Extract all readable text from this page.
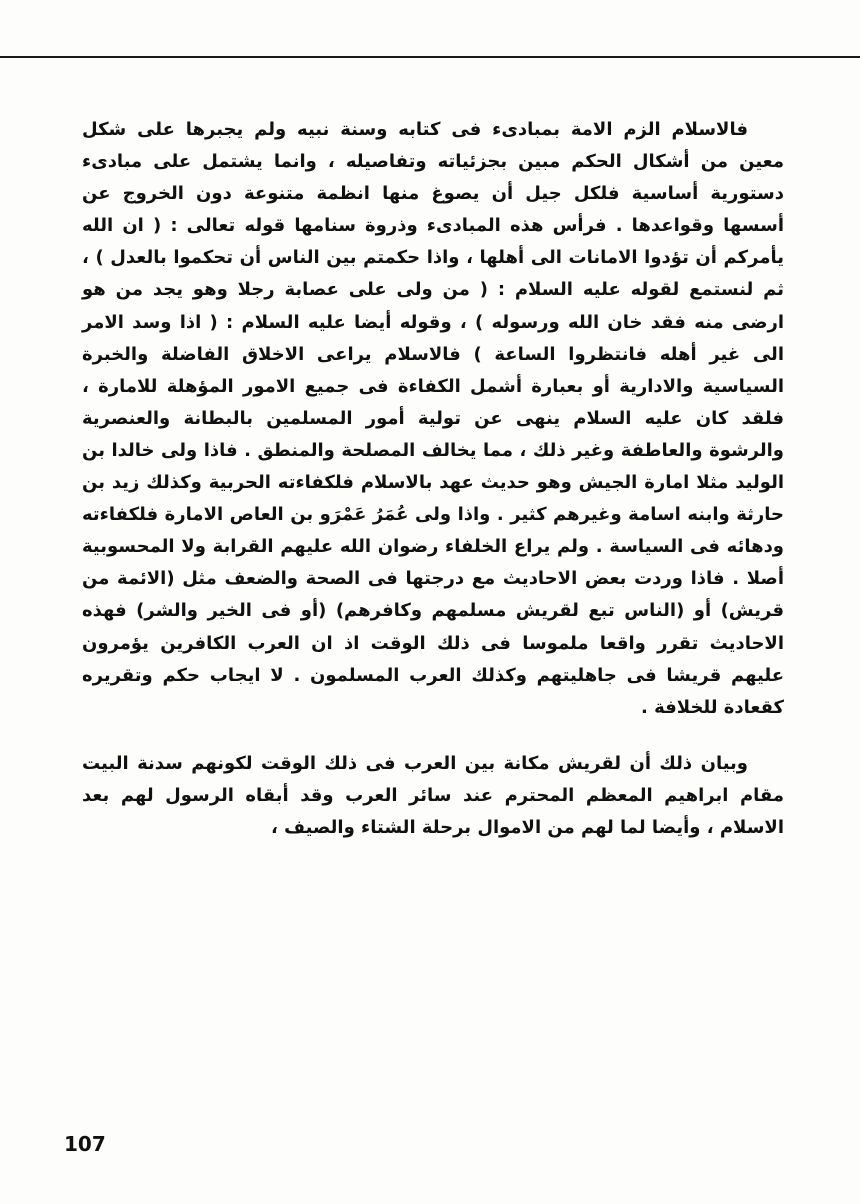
فالاسلام الزم الامة بمبادىء فى كتابه وسنة نبيه ولم يجبرها على شكل معين من أشكال الحكم مبين بجزئياته وتفاصيله ، وانما يشتمل على مبادىء دستورية أساسية فلكل جيل أن يصوغ منها انظمة متنوعة دون الخروج عن أسسها وقواعدها . فرأس هذه المبادىء وذروة سنامها قوله تعالى : ( ان الله يأمركم أن تؤدوا الامانات الى أهلها ، واذا حكمتم بين الناس أن تحكموا بالعدل ) ، ثم لنستمع لقوله عليه السلام : ( من ولى على عصابة رجلا وهو يجد من هو ارضى منه فقد خان الله ورسوله ) ، وقوله أيضا عليه السلام : ( اذا وسد الامر الى غير أهله فانتظروا الساعة ) فالاسلام يراعى الاخلاق الفاضلة والخبرة السياسية والادارية أو بعبارة أشمل الكفاءة فى جميع الامور المؤهلة للامارة ، فلقد كان عليه السلام ينهى عن تولية أمور المسلمين بالبطانة والعنصرية والرشوة والعاطفة وغير ذلك ، مما يخالف المصلحة والمنطق . فاذا ولى خالدا بن الوليد مثلا امارة الجيش وهو حديث عهد بالاسلام فلكفاءته الحربية وكذلك زيد بن حارثة وابنه اسامة وغيرهم كثير . واذا ولى عُمَرُ عَمْرَو بن العاص الامارة فلكفاءته ودهائه فى السياسة . ولم يراع الخلفاء رضوان الله عليهم القرابة ولا المحسوبية أصلا . فاذا وردت بعض الاحاديث مع درجتها فى الصحة والضعف مثل (الائمة من قريش) أو (الناس تبع لقريش مسلمهم وكافرهم) (أو فى الخير والشر) فهذه الاحاديث تقرر واقعا ملموسا فى ذلك الوقت اذ ان العرب الكافرين يؤمرون عليهم قريشا فى جاهليتهم وكذلك العرب المسلمون . لا ايجاب حكم وتقريره كقعادة للخلافة .

وبيان ذلك أن لقريش مكانة بين العرب فى ذلك الوقت لكونهم سدنة البيت مقام ابراهيم المعظم المحترم عند سائر العرب وقد أبقاه الرسول لهم بعد الاسلام ، وأيضا لما لهم من الاموال برحلة الشتاء والصيف ،

107
